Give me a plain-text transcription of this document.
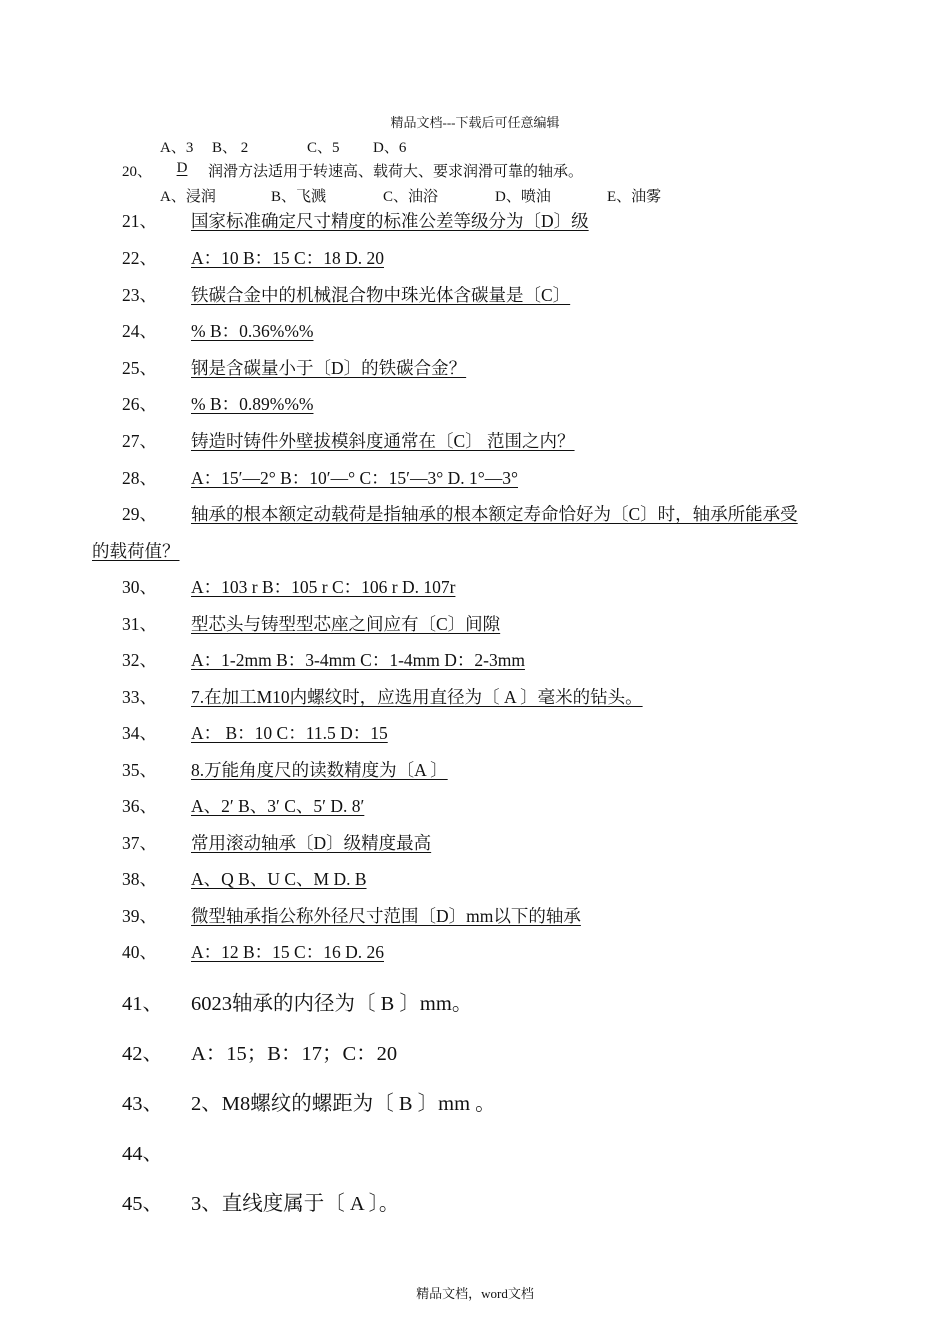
精品文档---下载后可任意编辑
A、3 B、 2	C、5 D、6
20、	D	润滑方法适用于转速高、载荷大、要求润滑可靠的轴承。
A、浸润	B、飞溅	C、油浴	D、喷油	E、油雾
21、 国家标准确定尺寸精度的标准公差等级分为〔D〕级
22、 A：10 B：15 C：18 D. 20
23、 铁碳合金中的机械混合物中珠光体含碳量是〔C〕
24、 % B：0.36%%%
25、 钢是含碳量小于〔D〕的铁碳合金？
26、 % B：0.89%%%
27、 铸造时铸件外壁拔模斜度通常在〔C〕 范围之内？
28、 A：15′—2° B：10′—° C：15′—3° D. 1°—3°
29、 轴承的根本额定动载荷是指轴承的根本额定寿命恰好为〔C〕时，轴承所能承受
的载荷值？
30、 A：103 r B：105 r C：106 r D. 107r
31、 型芯头与铸型型芯座之间应有〔C〕间隙
32、 A：1-2mm B：3-4mm C：1-4mm D：2-3mm
33、 7.在加工M10内螺纹时，应选用直径为〔 A 〕毫米的钻头。
34、 A： B：10 C：11.5 D：15
35、 8.万能角度尺的读数精度为〔A 〕
36、 A、2′ B、3′ C、5′ D. 8′
37、 常用滚动轴承〔D〕级精度最高
38、 A、Q B、U C、M D. B
39、 微型轴承指公称外径尺寸范围〔D〕mm以下的轴承
40、 A：12 B：15 C：16 D. 26
41、 6023轴承的内径为〔 B 〕mm。
42、 A：15；B：17；C：20
43、 2、M8螺纹的螺距为〔 B 〕mm 。
44、
45、 3、直线度属于〔 A 〕。
精品文档，word文档
